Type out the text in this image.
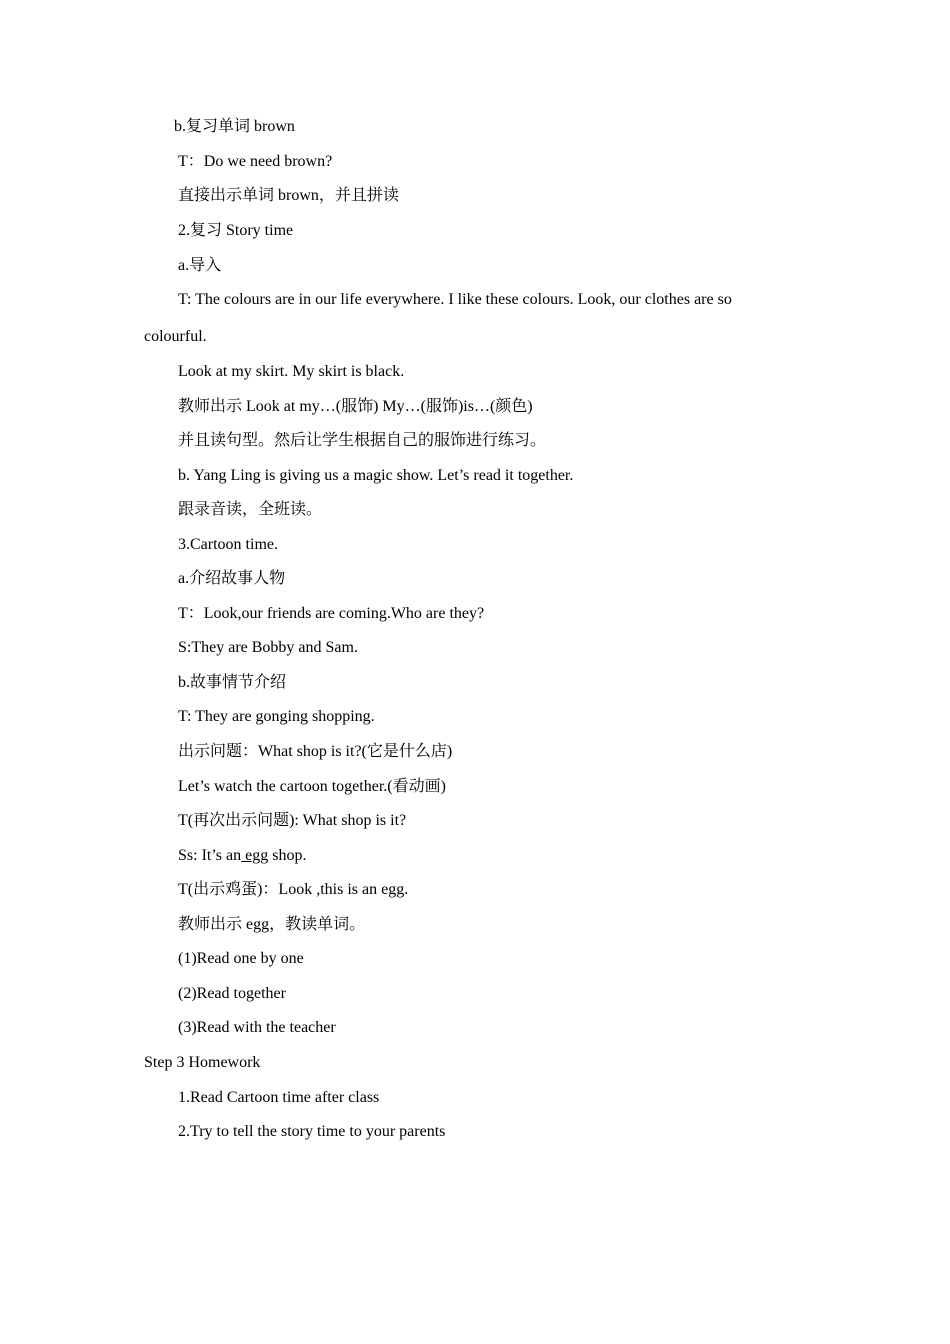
b.复习单词 brown
T：Do we need brown?
直接出示单词 brown，并且拼读
2.复习 Story time
a.导入
T: The colours are in our life everywhere. I like these colours. Look, our clothes are so
colourful.
Look at my skirt. My skirt is black.
教师出示 Look at my…(服饰) My…(服饰)is…(颜色)
并且读句型。然后让学生根据自己的服饰进行练习。
b. Yang Ling is giving us a magic show. Let’s read it together.
跟录音读，全班读。
3.Cartoon time.
a.介绍故事人物
T：Look,our friends are coming.Who are they?
S:They are Bobby and Sam.
b.故事情节介绍
T: They are gonging shopping.
出示问题：What shop is it?(它是什么店)
Let’s watch the cartoon together.(看动画)
T(再次出示问题): What shop is it?
Ss: It’s an egg shop.
T(出示鸡蛋)：Look ,this is an egg.
教师出示 egg，教读单词。
(1)Read one by one
(2)Read together
(3)Read with the teacher
Step 3 Homework
1.Read Cartoon time after class
2.Try to tell the story time to your parents
